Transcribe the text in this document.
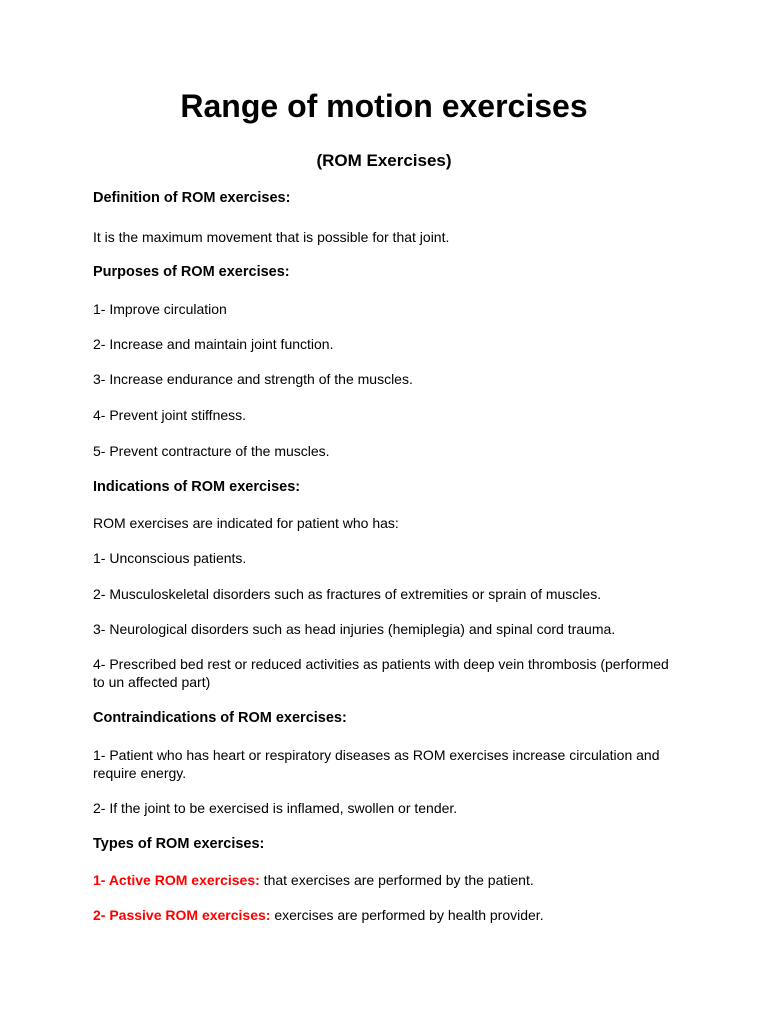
Range of motion exercises
(ROM Exercises)

Definition of ROM exercises:

It is the maximum movement that is possible for that joint.

Purposes of ROM exercises:

1- Improve circulation

2- Increase and maintain joint function.

3- Increase endurance and strength of the muscles.

4- Prevent joint stiffness.

5- Prevent contracture of the muscles.

Indications of ROM exercises:

ROM exercises are indicated for patient who has:

1- Unconscious patients.

2- Musculoskeletal disorders such as fractures of extremities or sprain of muscles.

3- Neurological disorders such as head injuries (hemiplegia) and spinal cord trauma.

4- Prescribed bed rest or reduced activities as patients with deep vein thrombosis (performed to un affected part)

Contraindications of ROM exercises:

1- Patient who has heart or respiratory diseases as ROM exercises increase circulation and require energy.

2- If the joint to be exercised is inflamed, swollen or tender.

Types of ROM exercises:

1- Active ROM exercises: that exercises are performed by the patient.

2- Passive ROM exercises: exercises are performed by health provider.
